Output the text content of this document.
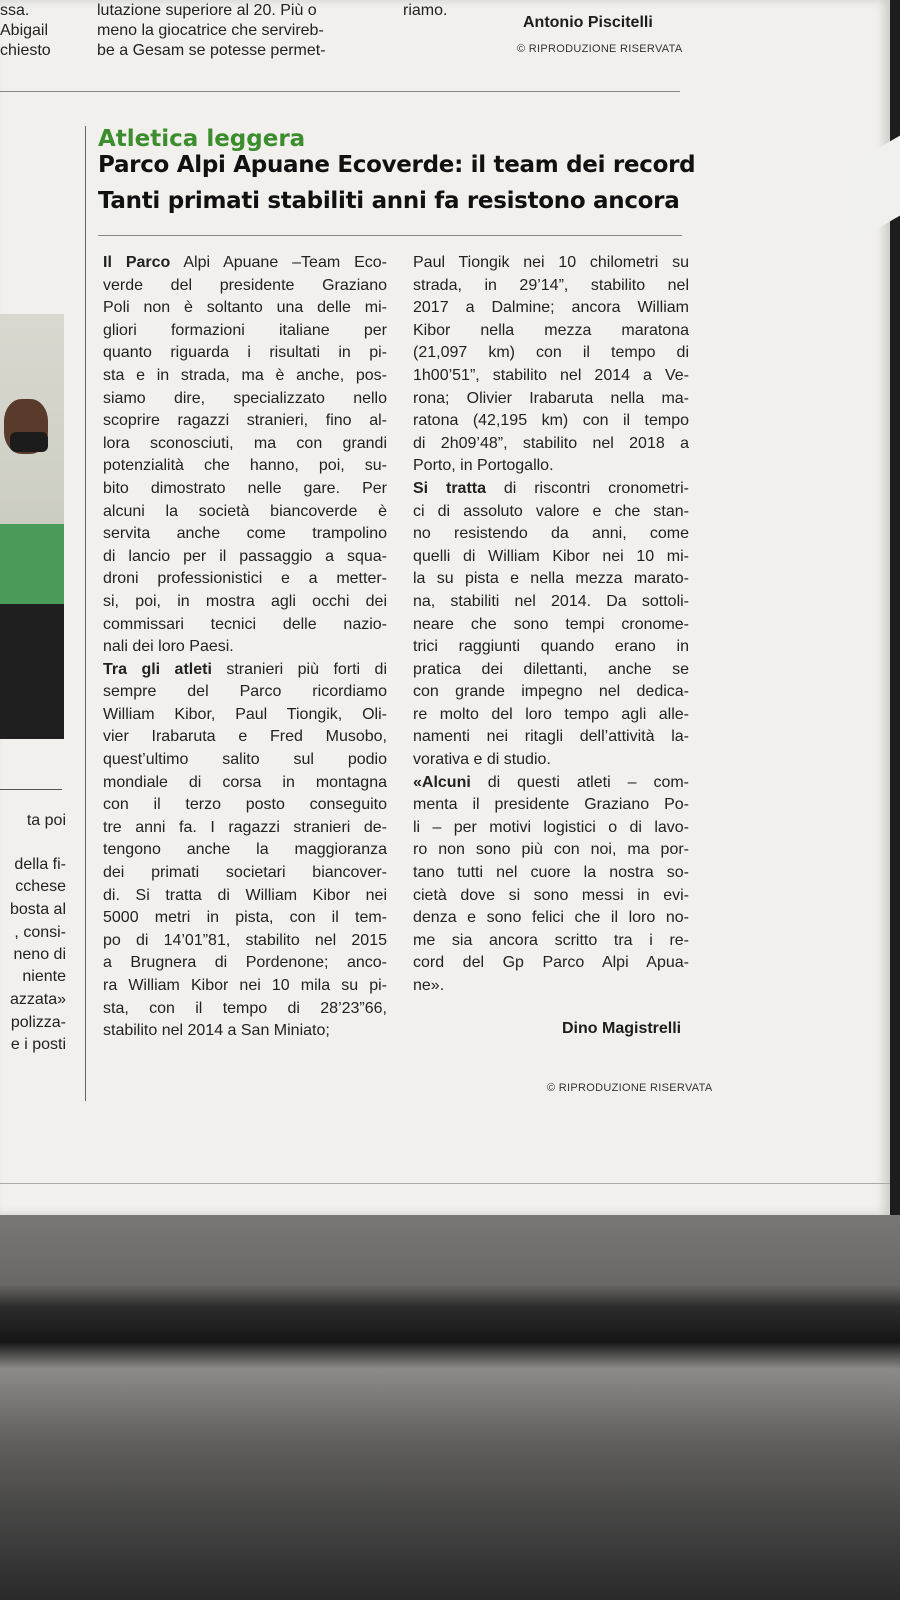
ssa.
Abigail
chiesto
lutazione superiore al 20. Più o
meno la giocatrice che servireb-
be a Gesam se potesse permet-
riamo.
Antonio Piscitelli
© RIPRODUZIONE RISERVATA
ta poi
della fi-
cchese
bosta al
, consi-
neno di
niente
azzata»
polizza-
e i posti
Atletica leggera
Parco Alpi Apuane Ecoverde: il team dei record
Tanti primati stabiliti anni fa resistono ancora

Il Parco Alpi Apuane –Team Eco-

verde del presidente Graziano

Poli non è soltanto una delle mi-

gliori formazioni italiane per

quanto riguarda i risultati in pi-

sta e in strada, ma è anche, pos-

siamo dire, specializzato nello

scoprire ragazzi stranieri, fino al-

lora sconosciuti, ma con grandi

potenzialità che hanno, poi, su-

bito dimostrato nelle gare. Per

alcuni la società biancoverde è

servita anche come trampolino

di lancio per il passaggio a squa-

droni professionistici e a metter-

si, poi, in mostra agli occhi dei

commissari tecnici delle nazio-

nali dei loro Paesi.

Tra gli atleti stranieri più forti di

sempre del Parco ricordiamo

William Kibor, Paul Tiongik, Oli-

vier Irabaruta e Fred Musobo,

quest’ultimo salito sul podio

mondiale di corsa in montagna

con il terzo posto conseguito

tre anni fa. I ragazzi stranieri de-

tengono anche la maggioranza

dei primati societari biancover-

di. Si tratta di William Kibor nei

5000 metri in pista, con il tem-

po di 14’01”81, stabilito nel 2015

a Brugnera di Pordenone; anco-

ra William Kibor nei 10 mila su pi-

sta, con il tempo di 28’23”66,

stabilito nel 2014 a San Miniato;

Paul Tiongik nei 10 chilometri su

strada, in 29’14”, stabilito nel

2017 a Dalmine; ancora William

Kibor nella mezza maratona

(21,097 km) con il tempo di

1h00’51”, stabilito nel 2014 a Ve-

rona; Olivier Irabaruta nella ma-

ratona (42,195 km) con il tempo

di 2h09’48”, stabilito nel 2018 a

Porto, in Portogallo.

Si tratta di riscontri cronometri-

ci di assoluto valore e che stan-

no resistendo da anni, come

quelli di William Kibor nei 10 mi-

la su pista e nella mezza marato-

na, stabiliti nel 2014. Da sottoli-

neare che sono tempi cronome-

trici raggiunti quando erano in

pratica dei dilettanti, anche se

con grande impegno nel dedica-

re molto del loro tempo agli alle-

namenti nei ritagli dell’attività la-

vorativa e di studio.

«Alcuni di questi atleti – com-

menta il presidente Graziano Po-

li – per motivi logistici o di lavo-

ro non sono più con noi, ma por-

tano tutti nel cuore la nostra so-

cietà dove si sono messi in evi-

denza e sono felici che il loro no-

me sia ancora scritto tra i re-

cord del Gp Parco Alpi Apua-

ne».

Dino Magistrelli
© RIPRODUZIONE RISERVATA
